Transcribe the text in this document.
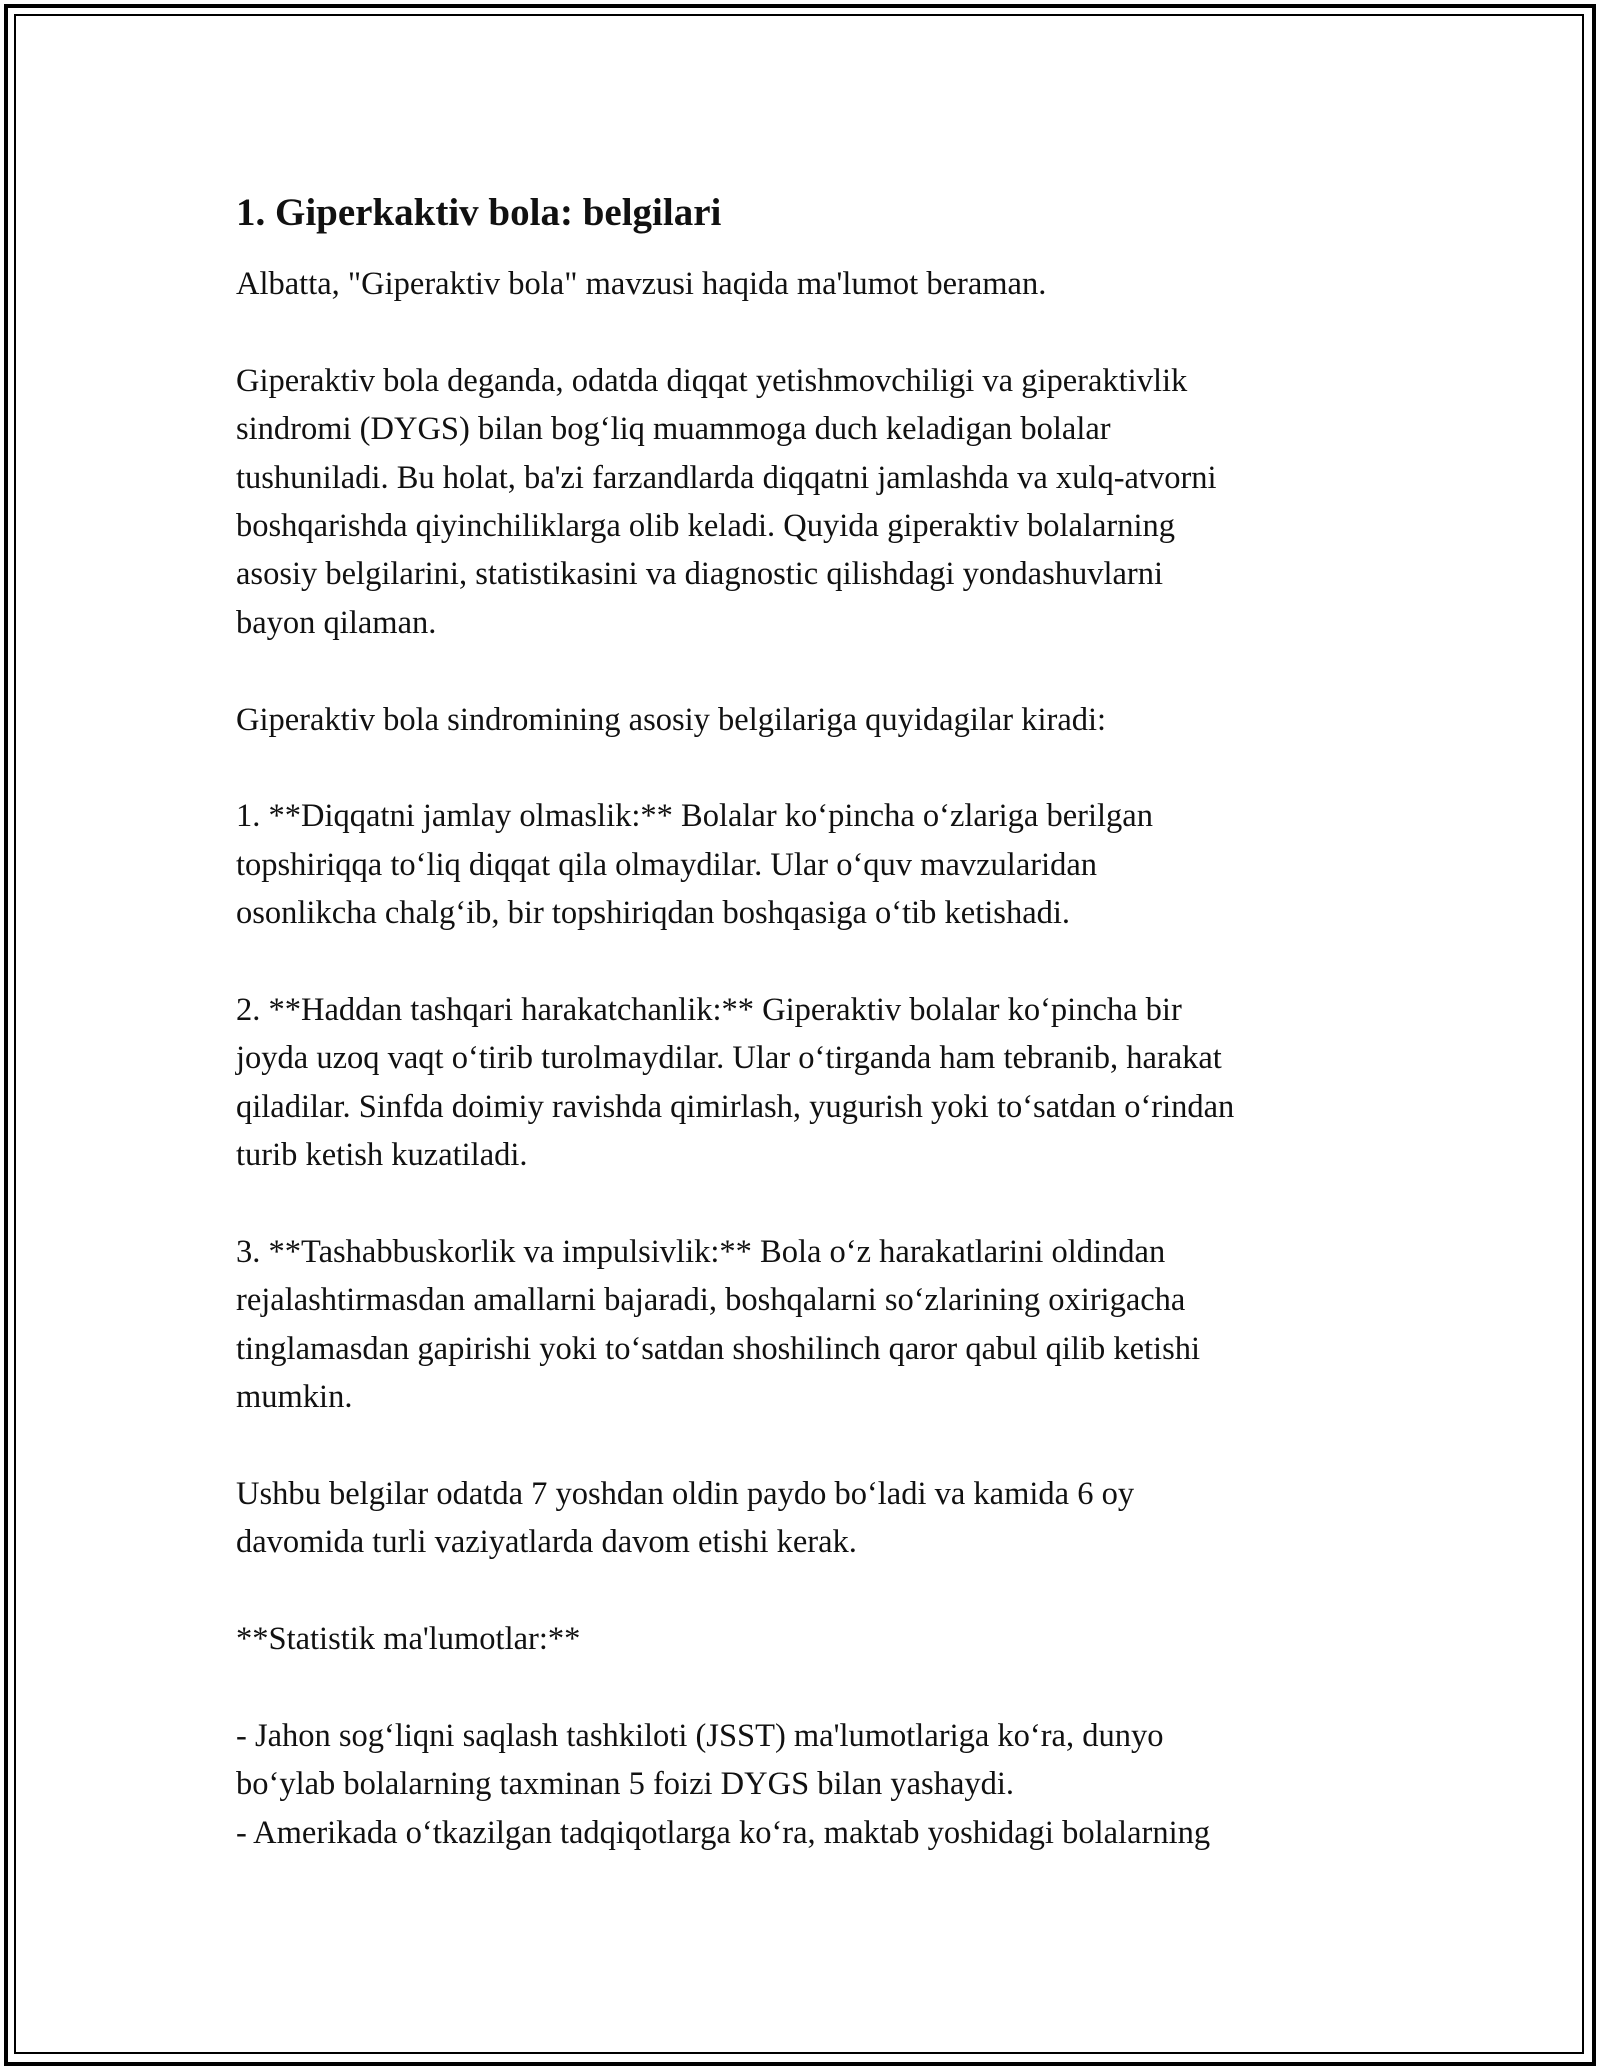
1. Giperkaktiv bola: belgilari

Albatta, "Giperaktiv bola" mavzusi haqida ma'lumot beraman.

Giperaktiv bola deganda, odatda diqqat yetishmovchiligi va giperaktivlik
sindromi (DYGS) bilan bogʻliq muammoga duch keladigan bolalar
tushuniladi. Bu holat, ba'zi farzandlarda diqqatni jamlashda va xulq-atvorni
boshqarishda qiyinchiliklarga olib keladi. Quyida giperaktiv bolalarning
asosiy belgilarini, statistikasini va diagnostic qilishdagi yondashuvlarni
bayon qilaman.

Giperaktiv bola sindromining asosiy belgilariga quyidagilar kiradi:

1. **Diqqatni jamlay olmaslik:** Bolalar koʻpincha oʻzlariga berilgan
topshiriqqa toʻliq diqqat qila olmaydilar. Ular oʻquv mavzularidan
osonlikcha chalgʻib, bir topshiriqdan boshqasiga oʻtib ketishadi.

2. **Haddan tashqari harakatchanlik:** Giperaktiv bolalar koʻpincha bir
joyda uzoq vaqt oʻtirib turolmaydilar. Ular oʻtirganda ham tebranib, harakat
qiladilar. Sinfda doimiy ravishda qimirlash, yugurish yoki toʻsatdan oʻrindan
turib ketish kuzatiladi.

3. **Tashabbuskorlik va impulsivlik:** Bola oʻz harakatlarini oldindan
rejalashtirmasdan amallarni bajaradi, boshqalarni soʻzlarining oxirigacha
tinglamasdan gapirishi yoki toʻsatdan shoshilinch qaror qabul qilib ketishi
mumkin.

Ushbu belgilar odatda 7 yoshdan oldin paydo boʻladi va kamida 6 oy
davomida turli vaziyatlarda davom etishi kerak.

**Statistik ma'lumotlar:**

- Jahon sogʻliqni saqlash tashkiloti (JSST) ma'lumotlariga koʻra, dunyo
boʻylab bolalarning taxminan 5 foizi DYGS bilan yashaydi.
- Amerikada oʻtkazilgan tadqiqotlarga koʻra, maktab yoshidagi bolalarning
